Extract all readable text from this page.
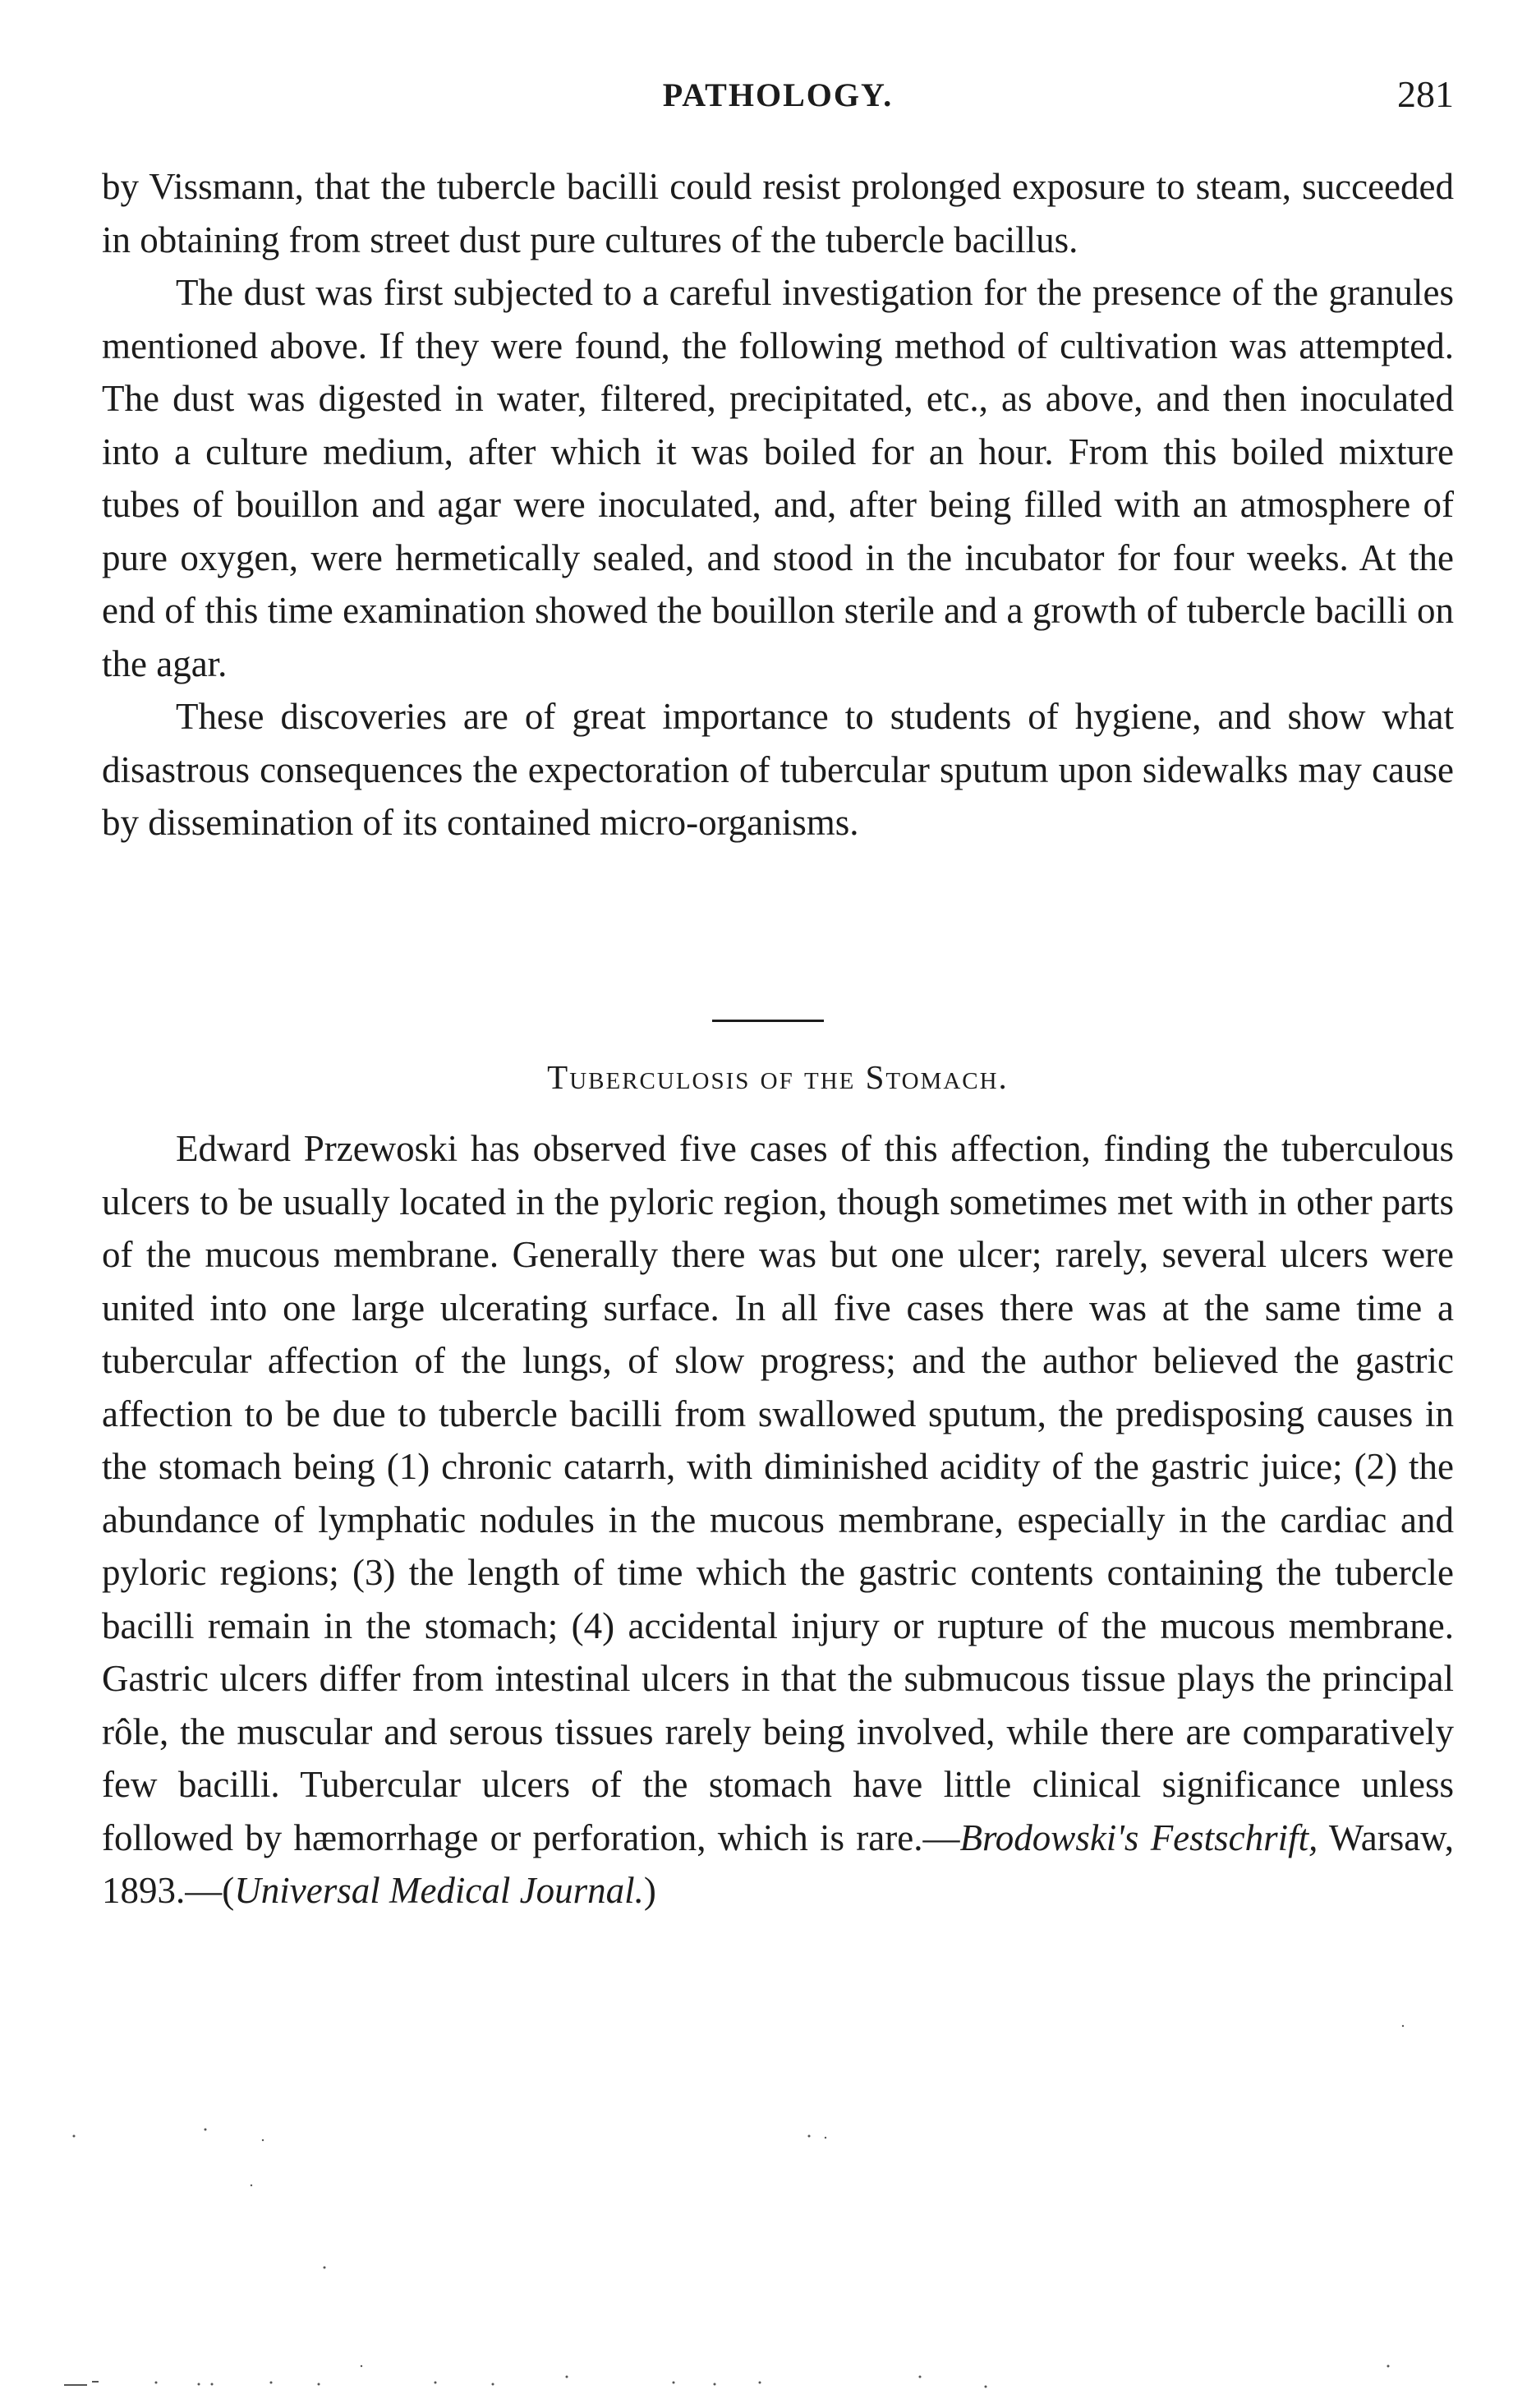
PATHOLOGY.	281

by Vissmann, that the tubercle bacilli could resist prolonged exposure to steam, succeeded in obtaining from street dust pure cultures of the tubercle bacillus.

The dust was first subjected to a careful investigation for the presence of the granules mentioned above. If they were found, the following method of cultivation was attempted. The dust was digested in water, filtered, precipitated, etc., as above, and then inoculated into a culture medium, after which it was boiled for an hour. From this boiled mixture tubes of bouillon and agar were inoculated, and, after being filled with an atmosphere of pure oxygen, were hermetically sealed, and stood in the incubator for four weeks. At the end of this time examination showed the bouillon sterile and a growth of tubercle bacilli on the agar.

These discoveries are of great importance to students of hygiene, and show what disastrous consequences the expectoration of tubercular sputum upon sidewalks may cause by dissemination of its contained micro-organisms.

Tuberculosis of the Stomach.

Edward Przewoski has observed five cases of this affection, finding the tuberculous ulcers to be usually located in the pyloric region, though sometimes met with in other parts of the mucous membrane. Generally there was but one ulcer; rarely, several ulcers were united into one large ulcerating surface. In all five cases there was at the same time a tubercular affection of the lungs, of slow progress; and the author believed the gastric affection to be due to tubercle bacilli from swallowed sputum, the predisposing causes in the stomach being (1) chronic catarrh, with diminished acidity of the gastric juice; (2) the abundance of lymphatic nodules in the mucous membrane, especially in the cardiac and pyloric regions; (3) the length of time which the gastric contents containing the tubercle bacilli remain in the stomach; (4) accidental injury or rupture of the mucous membrane. Gastric ulcers differ from intestinal ulcers in that the submucous tissue plays the principal rôle, the muscular and serous tissues rarely being involved, while there are comparatively few bacilli. Tubercular ulcers of the stomach have little clinical significance unless followed by hæmorrhage or perforation, which is rare.—Brodowski's Festschrift, Warsaw, 1893.—(Universal Medical Journal.)
